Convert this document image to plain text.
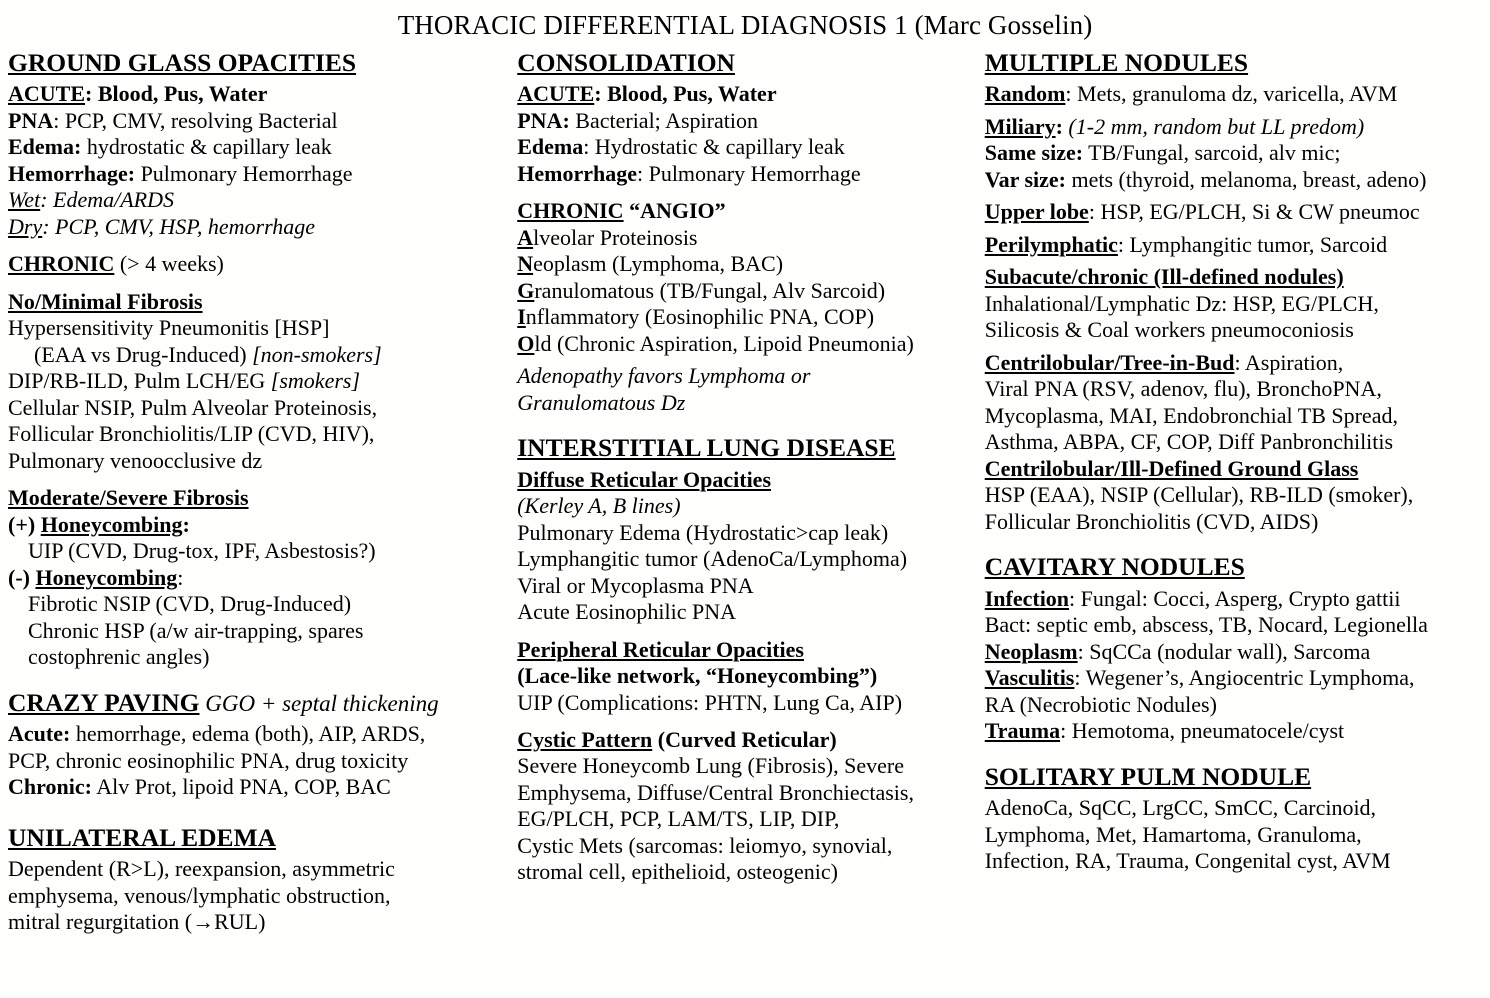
THORACIC DIFFERENTIAL DIAGNOSIS 1 (Marc Gosselin)
GROUND GLASS OPACITIES
ACUTE: Blood, Pus, Water
PNA: PCP, CMV, resolving Bacterial
Edema: hydrostatic & capillary leak
Hemorrhage: Pulmonary Hemorrhage
Wet: Edema/ARDS
Dry: PCP, CMV, HSP, hemorrhage
CHRONIC (> 4 weeks)
No/Minimal Fibrosis
Hypersensitivity Pneumonitis [HSP]
(EAA vs Drug-Induced) [non-smokers]
DIP/RB-ILD, Pulm LCH/EG [smokers]
Cellular NSIP, Pulm Alveolar Proteinosis,
Follicular Bronchiolitis/LIP (CVD, HIV),
Pulmonary venoocclusive dz
Moderate/Severe Fibrosis
(+) Honeycombing:
UIP (CVD, Drug-tox, IPF, Asbestosis?)
(-) Honeycombing:
Fibrotic NSIP (CVD, Drug-Induced)
Chronic HSP (a/w air-trapping, spares
costophrenic angles)
CRAZY PAVING GGO + septal thickening
Acute: hemorrhage, edema (both), AIP, ARDS,
PCP, chronic eosinophilic PNA, drug toxicity
Chronic: Alv Prot, lipoid PNA, COP, BAC
UNILATERAL EDEMA
Dependent (R>L), reexpansion, asymmetric
emphysema, venous/lymphatic obstruction,
mitral regurgitation (→RUL)
CONSOLIDATION
ACUTE: Blood, Pus, Water
PNA: Bacterial; Aspiration
Edema: Hydrostatic & capillary leak
Hemorrhage: Pulmonary Hemorrhage
CHRONIC “ANGIO”
Alveolar Proteinosis
Neoplasm (Lymphoma, BAC)
Granulomatous (TB/Fungal, Alv Sarcoid)
Inflammatory (Eosinophilic PNA, COP)
Old (Chronic Aspiration, Lipoid Pneumonia)
Adenopathy favors Lymphoma or
Granulomatous Dz
INTERSTITIAL LUNG DISEASE
Diffuse Reticular Opacities
(Kerley A, B lines)
Pulmonary Edema (Hydrostatic>cap leak)
Lymphangitic tumor (AdenoCa/Lymphoma)
Viral or Mycoplasma PNA
Acute Eosinophilic PNA
Peripheral Reticular Opacities
(Lace-like network, “Honeycombing”)
UIP (Complications: PHTN, Lung Ca, AIP)
Cystic Pattern (Curved Reticular)
Severe Honeycomb Lung (Fibrosis), Severe
Emphysema, Diffuse/Central Bronchiectasis,
EG/PLCH, PCP, LAM/TS, LIP, DIP,
Cystic Mets (sarcomas: leiomyo, synovial,
stromal cell, epithelioid, osteogenic)
MULTIPLE NODULES
Random: Mets, granuloma dz, varicella, AVM
Miliary: (1-2 mm, random but LL predom)
Same size: TB/Fungal, sarcoid, alv mic;
Var size: mets (thyroid, melanoma, breast, adeno)
Upper lobe: HSP, EG/PLCH, Si & CW pneumoc
Perilymphatic: Lymphangitic tumor, Sarcoid
Subacute/chronic (Ill-defined nodules)
Inhalational/Lymphatic Dz: HSP, EG/PLCH,
Silicosis & Coal workers pneumoconiosis
Centrilobular/Tree-in-Bud: Aspiration,
Viral PNA (RSV, adenov, flu), BronchoPNA,
Mycoplasma, MAI, Endobronchial TB Spread,
Asthma, ABPA, CF, COP, Diff Panbronchilitis
Centrilobular/Ill-Defined Ground Glass
HSP (EAA), NSIP (Cellular), RB-ILD (smoker),
Follicular Bronchiolitis (CVD, AIDS)
CAVITARY NODULES
Infection: Fungal: Cocci, Asperg, Crypto gattii
Bact: septic emb, abscess, TB, Nocard, Legionella
Neoplasm: SqCCa (nodular wall), Sarcoma
Vasculitis: Wegener’s, Angiocentric Lymphoma,
RA (Necrobiotic Nodules)
Trauma: Hemotoma, pneumatocele/cyst
SOLITARY PULM NODULE
AdenoCa, SqCC, LrgCC, SmCC, Carcinoid,
Lymphoma, Met, Hamartoma, Granuloma,
Infection, RA, Trauma, Congenital cyst, AVM
